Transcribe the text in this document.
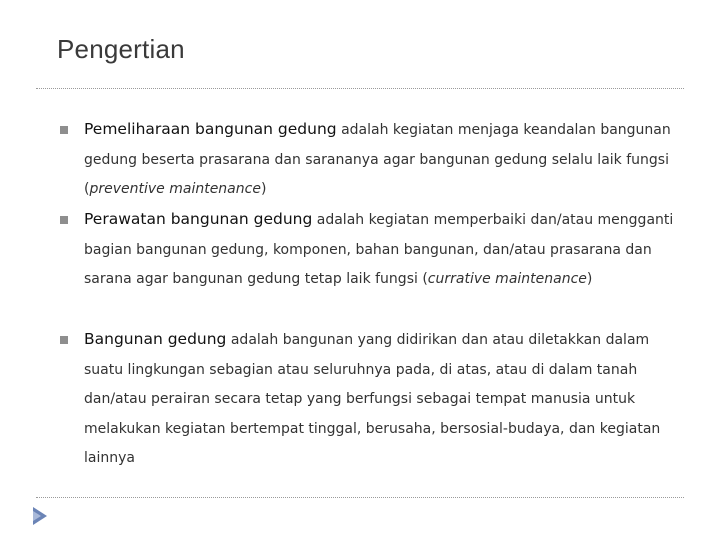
Pengertian
Pemeliharaan bangunan gedung adalah kegiatan menjaga keandalan bangunan gedung beserta prasarana dan sarananya agar bangunan gedung selalu laik fungsi (preventive maintenance)
Perawatan bangunan gedung adalah kegiatan memperbaiki dan/atau mengganti bagian bangunan gedung, komponen, bahan bangunan, dan/atau prasarana dan sarana agar bangunan gedung tetap laik fungsi (currative maintenance)
Bangunan gedung adalah bangunan yang didirikan dan atau diletakkan dalam suatu lingkungan sebagian atau seluruhnya pada, di atas, atau di dalam tanah dan/atau perairan secara tetap yang berfungsi sebagai tempat manusia untuk melakukan kegiatan bertempat tinggal, berusaha, bersosial-budaya, dan kegiatan lainnya
